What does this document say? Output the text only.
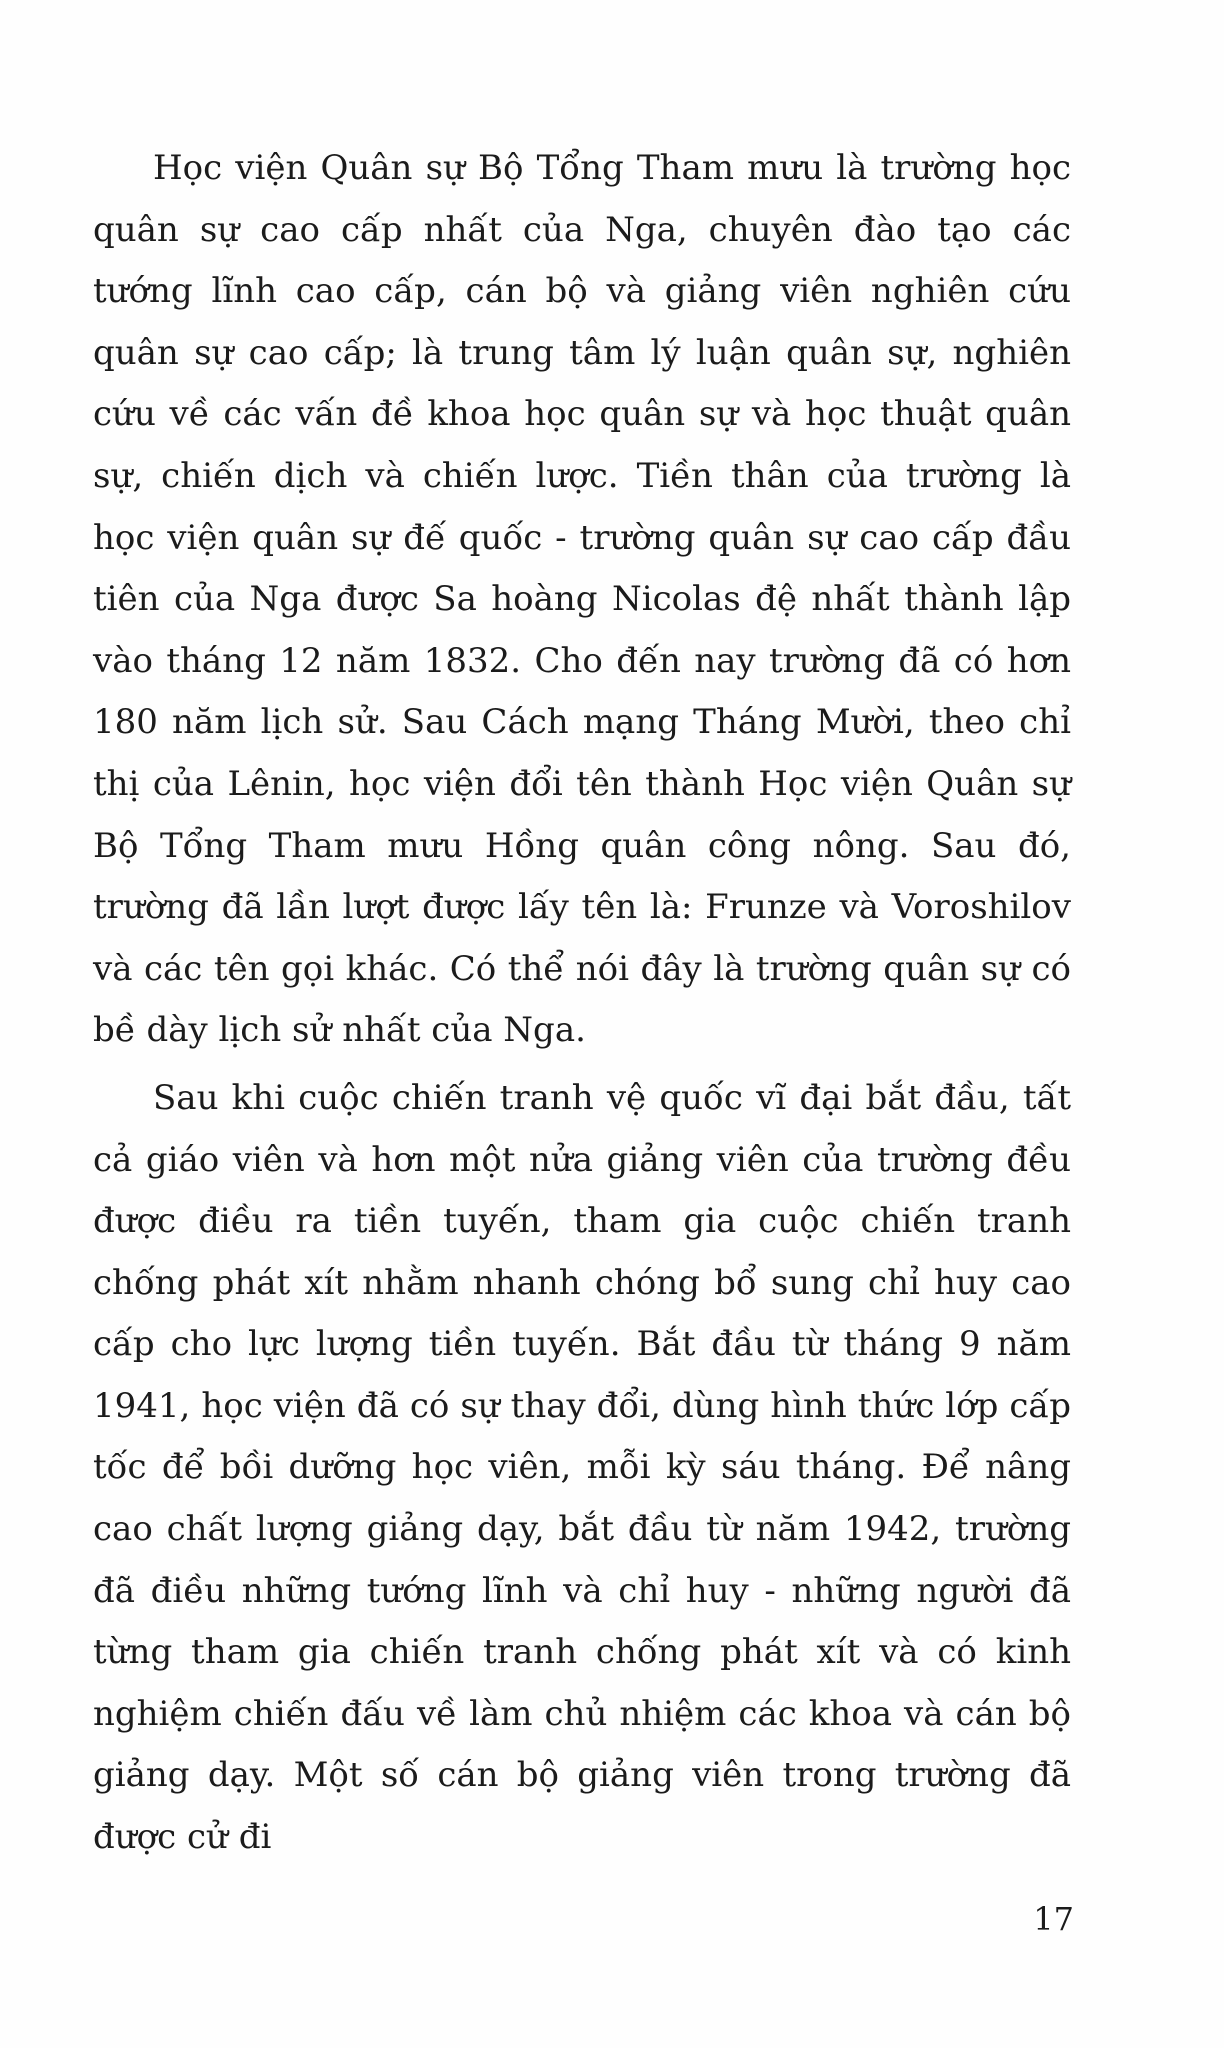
Học viện Quân sự Bộ Tổng Tham mưu là trường học quân sự cao cấp nhất của Nga, chuyên đào tạo các tướng lĩnh cao cấp, cán bộ và giảng viên nghiên cứu quân sự cao cấp; là trung tâm lý luận quân sự, nghiên cứu về các vấn đề khoa học quân sự và học thuật quân sự, chiến dịch và chiến lược. Tiền thân của trường là học viện quân sự đế quốc - trường quân sự cao cấp đầu tiên của Nga được Sa hoàng Nicolas đệ nhất thành lập vào tháng 12 năm 1832. Cho đến nay trường đã có hơn 180 năm lịch sử. Sau Cách mạng Tháng Mười, theo chỉ thị của Lênin, học viện đổi tên thành Học viện Quân sự Bộ Tổng Tham mưu Hồng quân công nông. Sau đó, trường đã lần lượt được lấy tên là: Frunze và Voroshilov và các tên gọi khác. Có thể nói đây là trường quân sự có bề dày lịch sử nhất của Nga.

Sau khi cuộc chiến tranh vệ quốc vĩ đại bắt đầu, tất cả giáo viên và hơn một nửa giảng viên của trường đều được điều ra tiền tuyến, tham gia cuộc chiến tranh chống phát xít nhằm nhanh chóng bổ sung chỉ huy cao cấp cho lực lượng tiền tuyến. Bắt đầu từ tháng 9 năm 1941, học viện đã có sự thay đổi, dùng hình thức lớp cấp tốc để bồi dưỡng học viên, mỗi kỳ sáu tháng. Để nâng cao chất lượng giảng dạy, bắt đầu từ năm 1942, trường đã điều những tướng lĩnh và chỉ huy - những người đã từng tham gia chiến tranh chống phát xít và có kinh nghiệm chiến đấu về làm chủ nhiệm các khoa và cán bộ giảng dạy. Một số cán bộ giảng viên trong trường đã được cử đi

17
